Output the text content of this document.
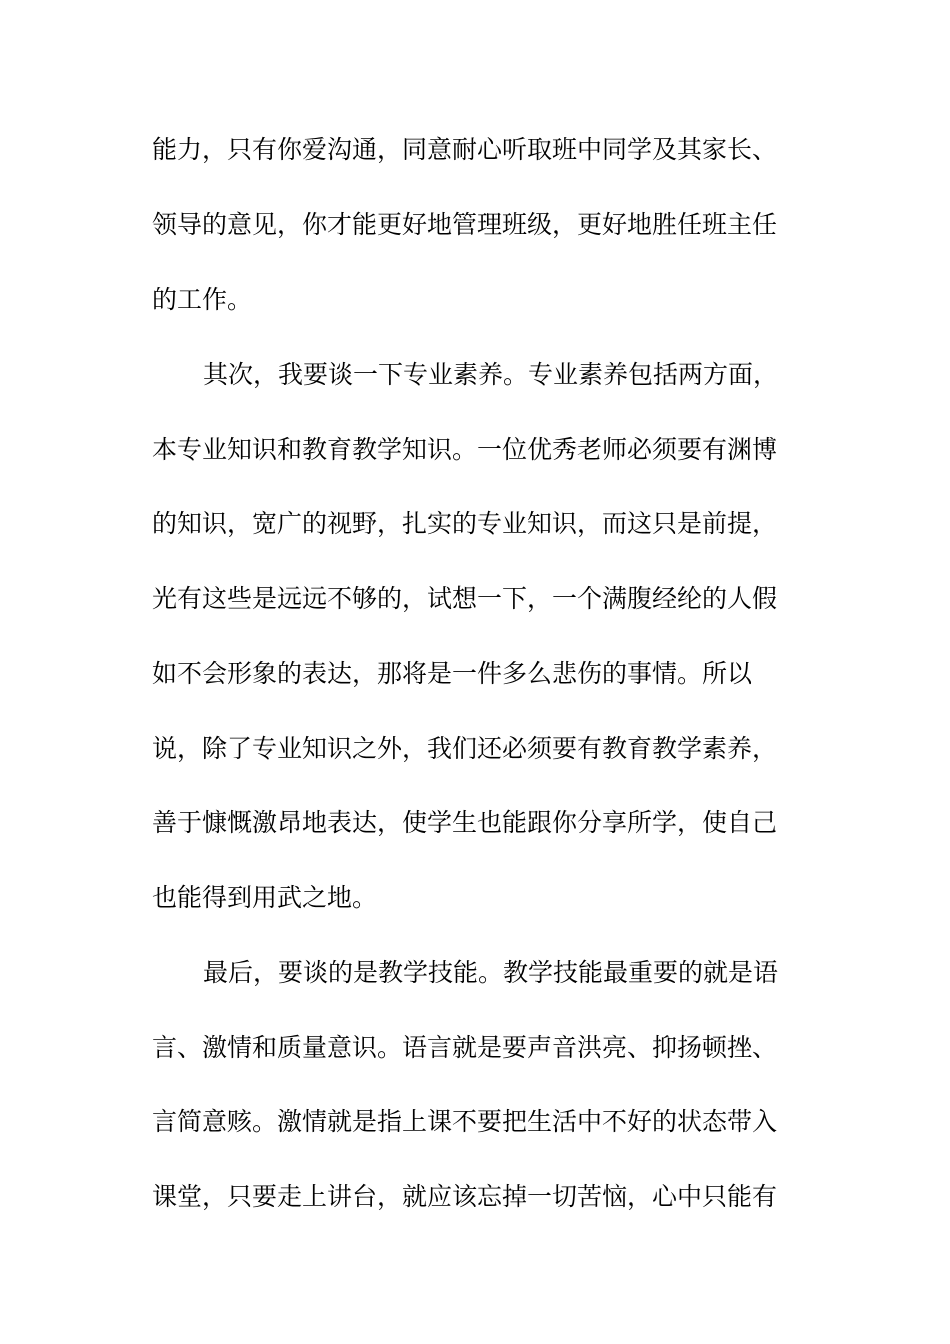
能力，只有你爱沟通，同意耐心听取班中同学及其家长、
领导的意见，你才能更好地管理班级，更好地胜任班主任
的工作。
其次，我要谈一下专业素养。专业素养包括两方面，
本专业知识和教育教学知识。一位优秀老师必须要有渊博
的知识，宽广的视野，扎实的专业知识，而这只是前提，
光有这些是远远不够的，试想一下，一个满腹经纶的人假
如不会形象的表达，那将是一件多么悲伤的事情。所以
说，除了专业知识之外，我们还必须要有教育教学素养，
善于慷慨激昂地表达，使学生也能跟你分享所学，使自己
也能得到用武之地。
最后，要谈的是教学技能。教学技能最重要的就是语
言、激情和质量意识。语言就是要声音洪亮、抑扬顿挫、
言简意赅。激情就是指上课不要把生活中不好的状态带入
课堂，只要走上讲台，就应该忘掉一切苦恼，心中只能有
